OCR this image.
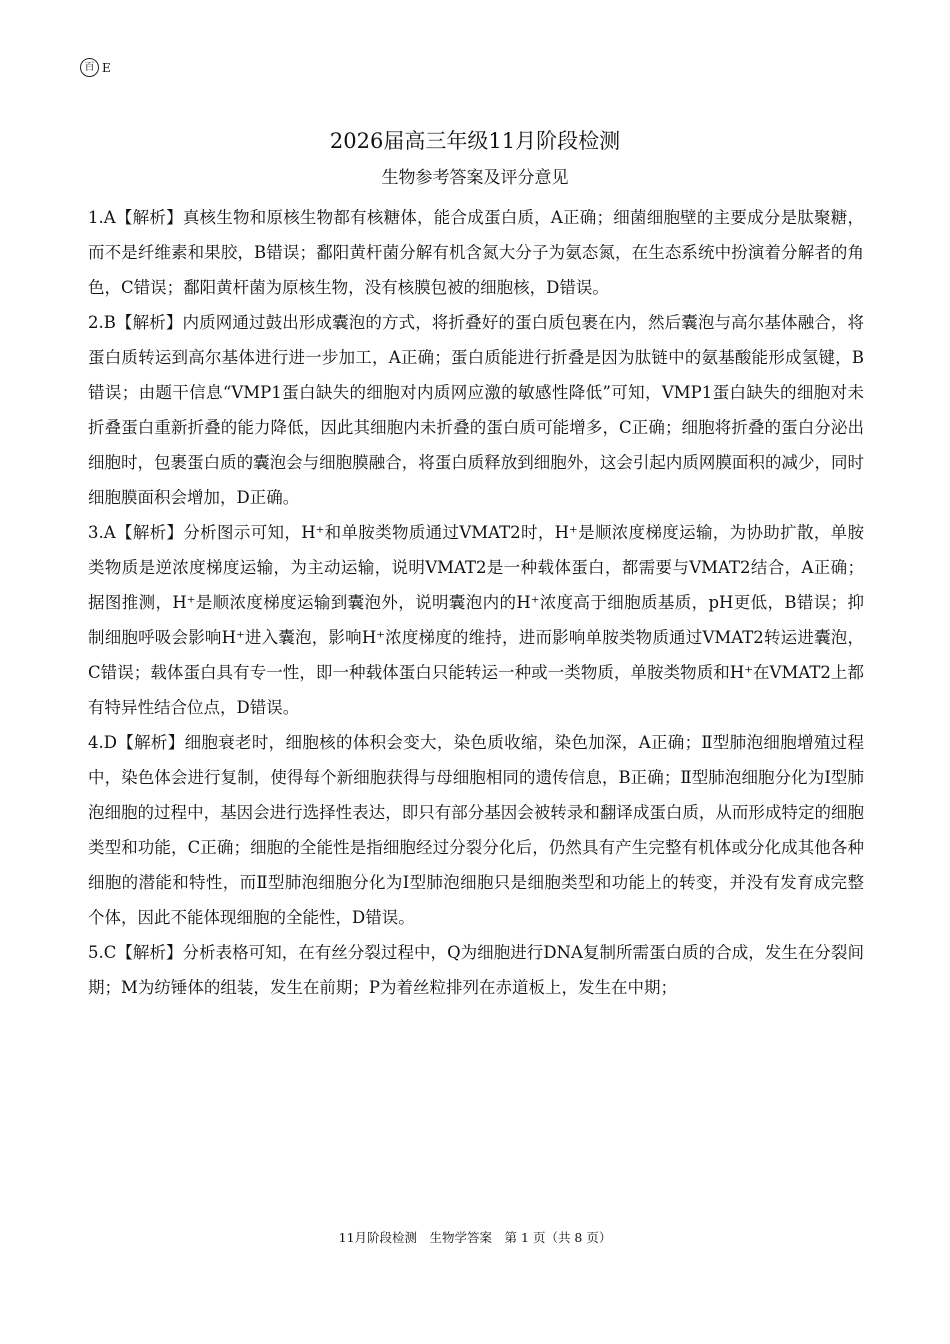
百 E
2026届高三年级11月阶段检测
生物参考答案及评分意见

1.A【解析】真核生物和原核生物都有核糖体，能合成蛋白质，A正确；细菌细胞壁的主要成分是肽聚糖，而不是纤维素和果胶，B错误；鄱阳黄杆菌分解有机含氮大分子为氨态氮，在生态系统中扮演着分解者的角色，C错误；鄱阳黄杆菌为原核生物，没有核膜包被的细胞核，D错误。

2.B【解析】内质网通过鼓出形成囊泡的方式，将折叠好的蛋白质包裹在内，然后囊泡与高尔基体融合，将蛋白质转运到高尔基体进行进一步加工，A正确；蛋白质能进行折叠是因为肽链中的氨基酸能形成氢键，B错误；由题干信息“VMP1蛋白缺失的细胞对内质网应激的敏感性降低”可知，VMP1蛋白缺失的细胞对未折叠蛋白重新折叠的能力降低，因此其细胞内未折叠的蛋白质可能增多，C正确；细胞将折叠的蛋白分泌出细胞时，包裹蛋白质的囊泡会与细胞膜融合，将蛋白质释放到细胞外，这会引起内质网膜面积的减少，同时细胞膜面积会增加，D正确。

3.A【解析】分析图示可知，H⁺和单胺类物质通过VMAT2时，H⁺是顺浓度梯度运输，为协助扩散，单胺类物质是逆浓度梯度运输，为主动运输，说明VMAT2是一种载体蛋白，都需要与VMAT2结合，A正确；据图推测，H⁺是顺浓度梯度运输到囊泡外，说明囊泡内的H⁺浓度高于细胞质基质，pH更低，B错误；抑制细胞呼吸会影响H⁺进入囊泡，影响H⁺浓度梯度的维持，进而影响单胺类物质通过VMAT2转运进囊泡，C错误；载体蛋白具有专一性，即一种载体蛋白只能转运一种或一类物质，单胺类物质和H⁺在VMAT2上都有特异性结合位点，D错误。

4.D【解析】细胞衰老时，细胞核的体积会变大，染色质收缩，染色加深，A正确；Ⅱ型肺泡细胞增殖过程中，染色体会进行复制，使得每个新细胞获得与母细胞相同的遗传信息，B正确；Ⅱ型肺泡细胞分化为Ⅰ型肺泡细胞的过程中，基因会进行选择性表达，即只有部分基因会被转录和翻译成蛋白质，从而形成特定的细胞类型和功能，C正确；细胞的全能性是指细胞经过分裂分化后，仍然具有产生完整有机体或分化成其他各种细胞的潜能和特性，而Ⅱ型肺泡细胞分化为Ⅰ型肺泡细胞只是细胞类型和功能上的转变，并没有发育成完整个体，因此不能体现细胞的全能性，D错误。

5.C【解析】分析表格可知，在有丝分裂过程中，Q为细胞进行DNA复制所需蛋白质的合成，发生在分裂间期；M为纺锤体的组装，发生在前期；P为着丝粒排列在赤道板上，发生在中期；

11月阶段检测　生物学答案　第 1 页（共 8 页）
